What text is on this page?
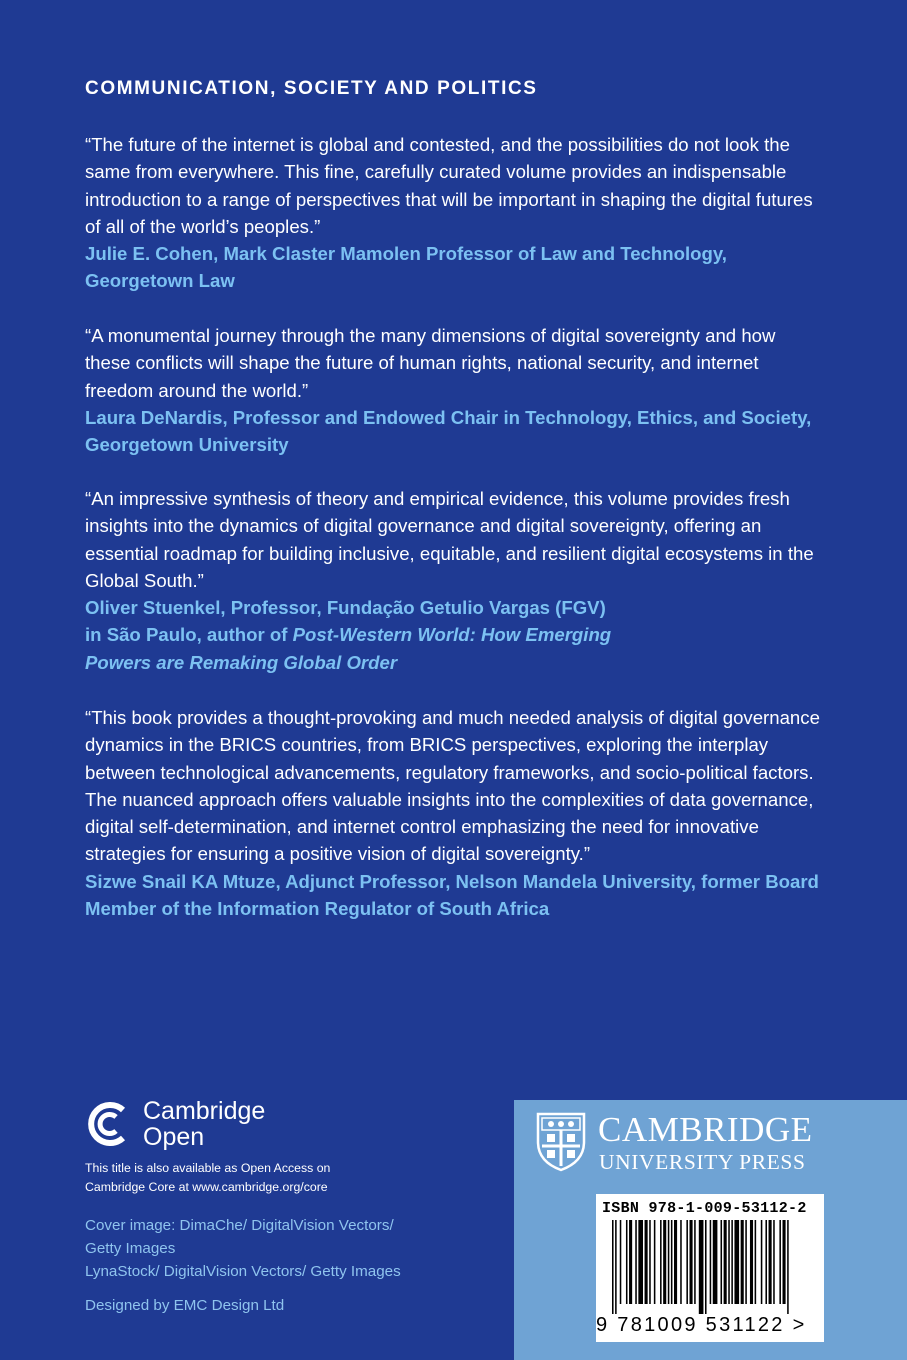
COMMUNICATION, SOCIETY AND POLITICS

“The future of the internet is global and contested, and the possibilities do not look the same from everywhere. This fine, carefully curated volume provides an indispensable introduction to a range of perspectives that will be important in shaping the digital futures of all of the world’s peoples.”

Julie E. Cohen, Mark Claster Mamolen Professor of Law and Technology, Georgetown Law

“A monumental journey through the many dimensions of digital sovereignty and how these conflicts will shape the future of human rights, national security, and internet freedom around the world.”

Laura DeNardis, Professor and Endowed Chair in Technology, Ethics, and Society, Georgetown University

“An impressive synthesis of theory and empirical evidence, this volume provides fresh insights into the dynamics of digital governance and digital sovereignty, offering an essential roadmap for building inclusive, equitable, and resilient digital ecosystems in the Global South.”

Oliver Stuenkel, Professor, Fundação Getulio Vargas (FGV)

in São Paulo, author of Post-Western World: How Emerging

Powers are Remaking Global Order

“This book provides a thought-provoking and much needed analysis of digital governance dynamics in the BRICS countries, from BRICS perspectives, exploring the interplay between technological advancements, regulatory frameworks, and socio-political factors. The nuanced approach offers valuable insights into the complexities of data governance, digital self-determination, and internet control emphasizing the need for innovative strategies for ensuring a positive vision of digital sovereignty.”

Sizwe Snail KA Mtuze, Adjunct Professor, Nelson Mandela University, former Board Member of the Information Regulator of South Africa

Cambridge
Open
This title is also available as Open Access on
Cambridge Core at www.cambridge.org/core
Cover image: DimaChe/ DigitalVision Vectors/
Getty Images
LynaStock/ DigitalVision Vectors/ Getty Images
Designed by EMC Design Ltd
CAMBRIDGE
UNIVERSITY PRESS
ISBN 978-1-009-53112-2
9 781009 531122 >
